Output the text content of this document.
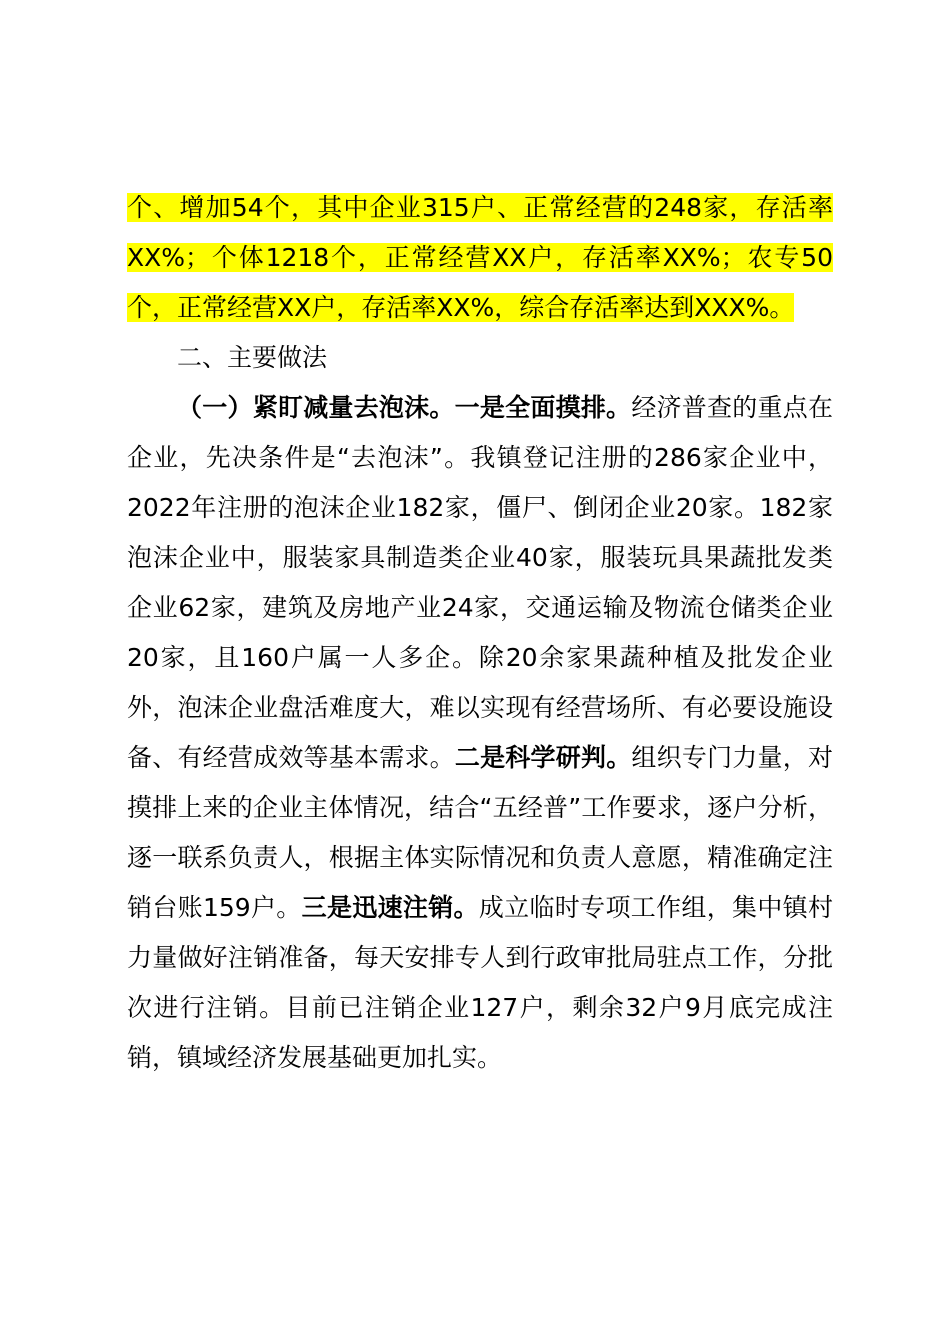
个、增加54个，其中企业315户、正常经营的248家，存活率XX%；个体1218个，正常经营XX户，存活率XX%；农专50个，正常经营XX户，存活率XX%，综合存活率达到XXX%。

二、主要做法

（一）紧盯减量去泡沫。一是全面摸排。经济普查的重点在企业，先决条件是“去泡沫”。我镇登记注册的286家企业中，2022年注册的泡沫企业182家，僵尸、倒闭企业20家。182家泡沫企业中，服装家具制造类企业40家，服装玩具果蔬批发类企业62家，建筑及房地产业24家，交通运输及物流仓储类企业20家，且160户属一人多企。除20余家果蔬种植及批发企业外，泡沫企业盘活难度大，难以实现有经营场所、有必要设施设备、有经营成效等基本需求。二是科学研判。组织专门力量，对摸排上来的企业主体情况，结合“五经普”工作要求，逐户分析，逐一联系负责人，根据主体实际情况和负责人意愿，精准确定注销台账159户。三是迅速注销。成立临时专项工作组，集中镇村力量做好注销准备，每天安排专人到行政审批局驻点工作，分批次进行注销。目前已注销企业127户，剩余32户9月底完成注销，镇域经济发展基础更加扎实。
